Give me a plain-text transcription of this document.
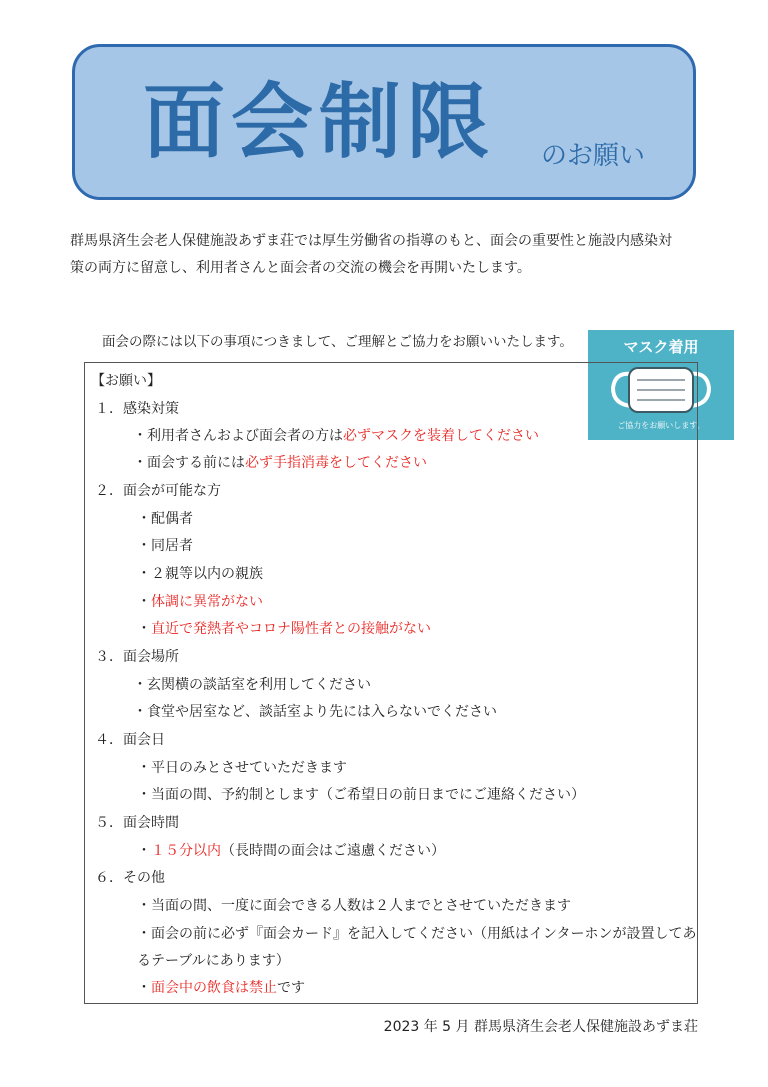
面会制限 のお願い
群馬県済生会老人保健施設あずま荘では厚生労働省の指導のもと、面会の重要性と施設内感染対
策の両方に留意し、利用者さんと面会者の交流の機会を再開いたします。
面会の際には以下の事項につきまして、ご理解とご協力をお願いいたします。	マスク着用
ご協力をお願いします。
【お願い】
１．感染対策
・利用者さんおよび面会者の方は必ずマスクを装着してください
・面会する前には必ず手指消毒をしてください
２．面会が可能な方
・配偶者
・同居者
・２親等以内の親族
・体調に異常がない
・直近で発熱者やコロナ陽性者との接触がない
３．面会場所
・玄関横の談話室を利用してください
・食堂や居室など、談話室より先には入らないでください
４．面会日
・平日のみとさせていただきます
・当面の間、予約制とします（ご希望日の前日までにご連絡ください）
５．面会時間
・１５分以内（長時間の面会はご遠慮ください）
６．その他
・当面の間、一度に面会できる人数は２人までとさせていただきます
・面会の前に必ず『面会カード』を記入してください（用紙はインターホンが設置してあ
るテーブルにあります）
・面会中の飲食は禁止です
2023 年 5 月 群馬県済生会老人保健施設あずま荘
